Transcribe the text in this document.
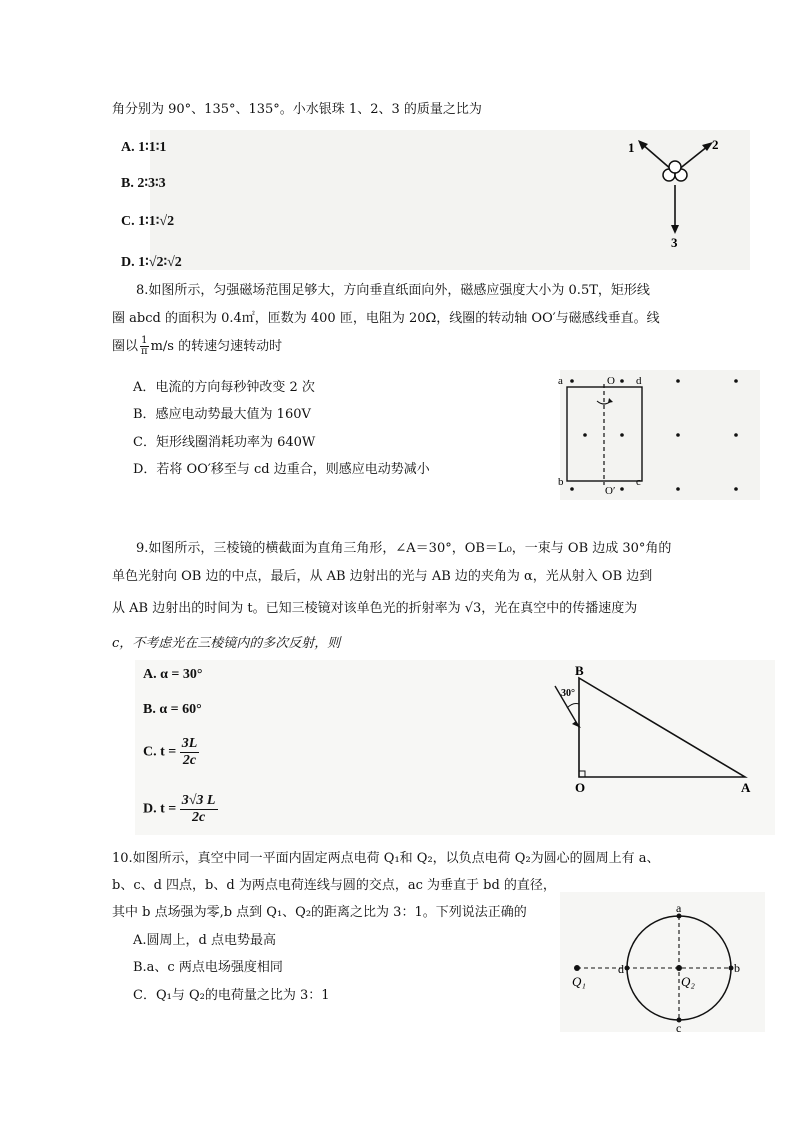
角分别为 90°、135°、135°。小水银珠 1、2、3 的质量之比为
A. 1∶1∶1
B. 2∶3∶3
C. 1∶1∶√2
D. 1∶√2∶√2
1	2
3
8.如图所示，匀强磁场范围足够大，方向垂直纸面向外，磁感应强度大小为 0.5T，矩形线
圈 abcd 的面积为 0.4㎡，匝数为 400 匝，电阻为 20Ω，线圈的转动轴 OO′与磁感线垂直。线
圈以 $\frac{1}{\pi} m/s$ 的转速匀速转动时
A．电流的方向每秒钟改变 2 次
B．感应电动势最大值为 160V
C．矩形线圈消耗功率为 640W
D．若将 OO′移至与 cd 边重合，则感应电动势减小
a	d
b	c
O
O′
9.如图所示，三棱镜的横截面为直角三角形，∠A＝30°，OB＝L₀，一束与 OB 边成 30°角的
单色光射向 OB 边的中点，最后，从 AB 边射出的光与 AB 边的夹角为 α，光从射入 OB 边到
从 AB 边射出的时间为 t。已知三棱镜对该单色光的折射率为 √3，光在真空中的传播速度为
c，不考虑光在三棱镜内的多次反射，则
A. α = 30°
B. α = 60°
C. $t = \frac{3L}{2c}$
D. $t = \frac{3√3 L}{2c}$
B
O	A
30°
10.如图所示，真空中同一平面内固定两点电荷 Q₁和 Q₂，以负点电荷 Q₂为圆心的圆周上有 a、
b、c、d 四点，b、d 为两点电荷连线与圆的交点，ac 为垂直于 bd 的直径，
其中 b 点场强为零,b 点到 Q₁、Q₂的距离之比为 3：1。下列说法正确的
A.圆周上，d 点电势最高
B.a、c 两点电场强度相同
C．Q₁与 Q₂的电荷量之比为 3：1
a
b
c
d
Q₁	Q₂
